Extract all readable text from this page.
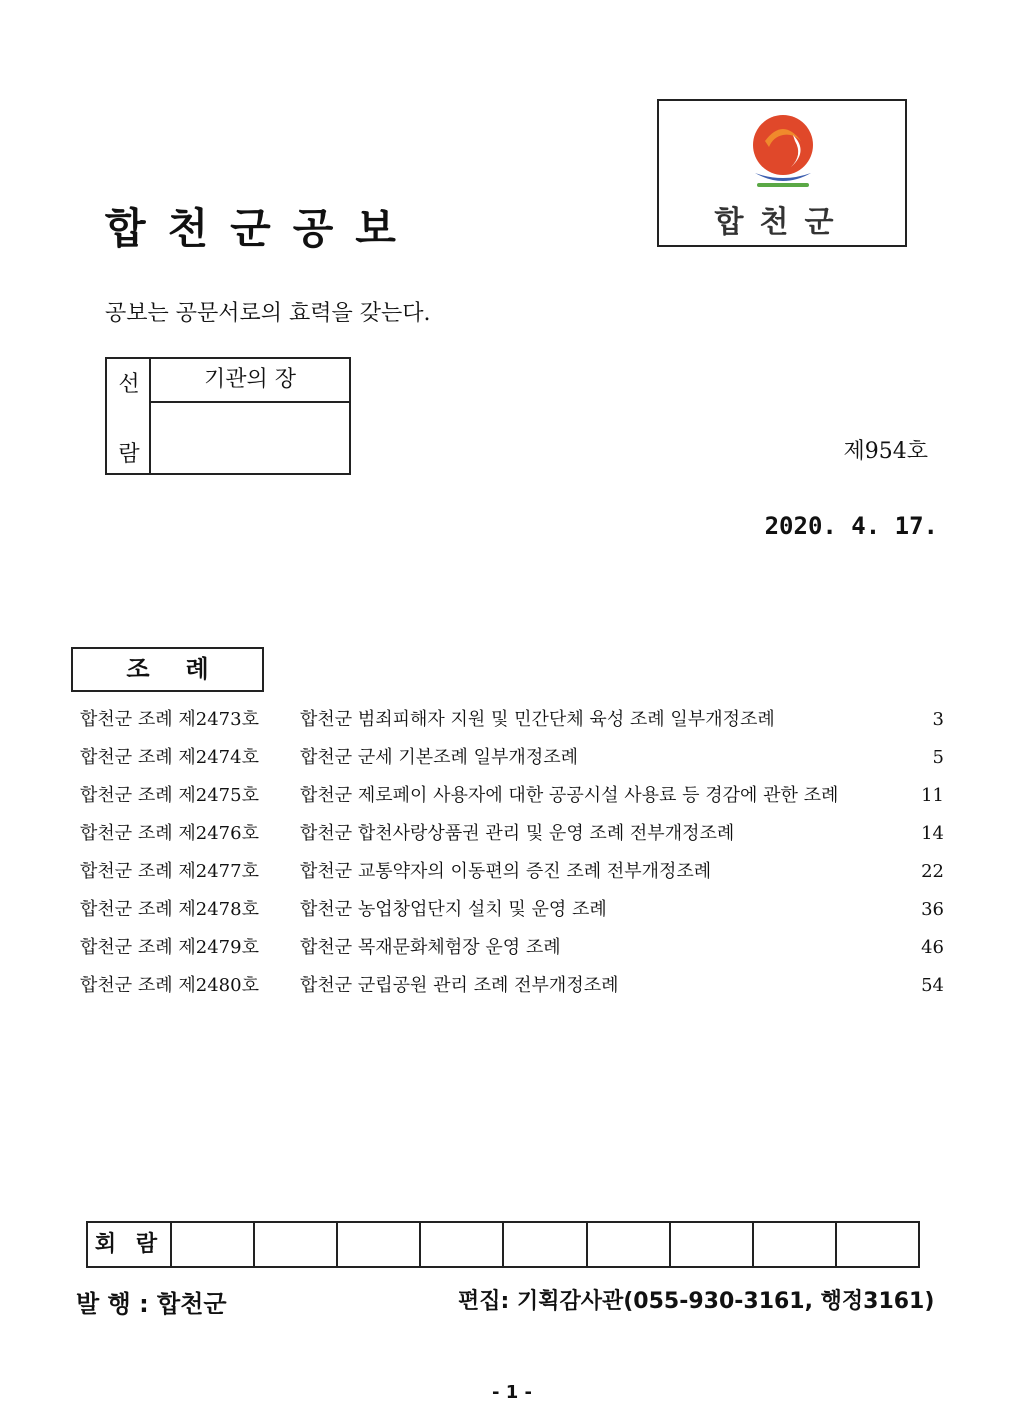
합천군공보	합천군
공보는 공문서로의 효력을 갖는다.
선
람
기관의 장
제954호
2020. 4. 17.
조례
합천군 조례 제2473호 합천군 범죄피해자 지원 및 민간단체 육성 조례 일부개정조례	3
합천군 조례 제2474호 합천군 군세 기본조례 일부개정조례	5
합천군 조례 제2475호 합천군 제로페이 사용자에 대한 공공시설 사용료 등 경감에 관한 조례	11
합천군 조례 제2476호 합천군 합천사랑상품권 관리 및 운영 조례 전부개정조례	14
합천군 조례 제2477호 합천군 교통약자의 이동편의 증진 조례 전부개정조례	22
합천군 조례 제2478호 합천군 농업창업단지 설치 및 운영 조례	36
합천군 조례 제2479호 합천군 목재문화체험장 운영 조례	46
합천군 조례 제2480호 합천군 군립공원 관리 조례 전부개정조례	54
회 람
발 행 : 합천군	편집: 기획감사관(055-930-3161, 행정3161)
- 1 -
